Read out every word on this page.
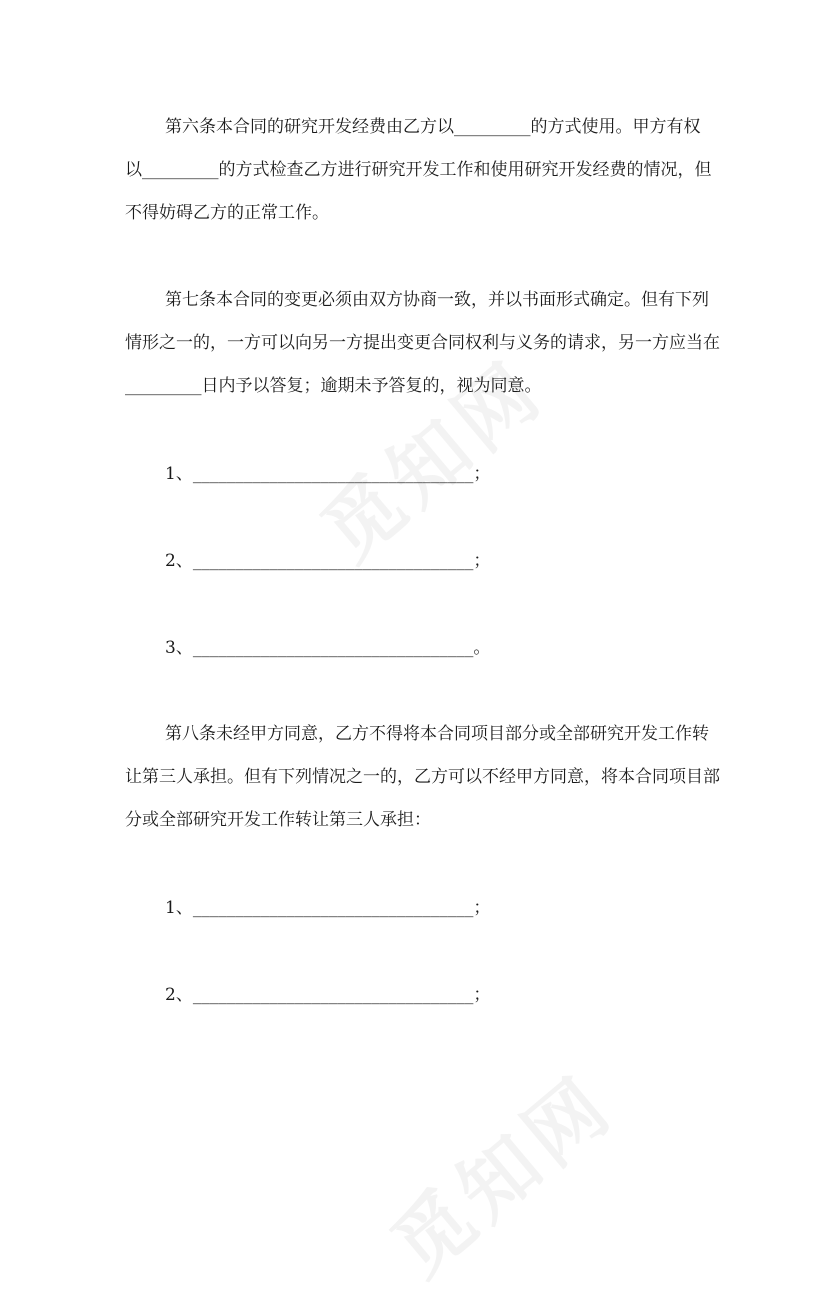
第六条本合同的研究开发经费由乙方以_________的方式使用。甲方有权
以_________的方式检查乙方进行研究开发工作和使用研究开发经费的情况，但
不得妨碍乙方的正常工作。
第七条本合同的变更必须由双方协商一致，并以书面形式确定。但有下列
情形之一的，一方可以向另一方提出变更合同权利与义务的请求，另一方应当在
_________日内予以答复；逾期未予答复的，视为同意。
1、_________________________________；
2、_________________________________；
3、_________________________________。
第八条未经甲方同意，乙方不得将本合同项目部分或全部研究开发工作转
让第三人承担。但有下列情况之一的，乙方可以不经甲方同意，将本合同项目部
分或全部研究开发工作转让第三人承担：
1、_________________________________；
2、_________________________________；
